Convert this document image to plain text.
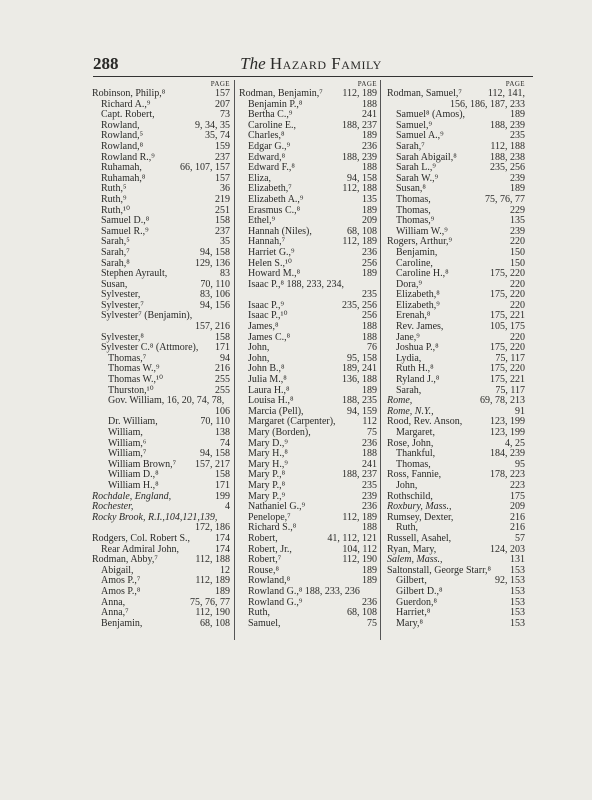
288	The Hazard Family
PAGE
Robinson, Philip,⁸	157
Richard A.,⁹	207
Capt. Robert,	73
Rowland,	9, 34, 35
Rowland,⁵	35, 74
Rowland,⁸	159
Rowland R.,⁹	237
Ruhamah,	66, 107, 157
Ruhamah,⁸	157
Ruth,⁵	36
Ruth,⁹	219
Ruth,¹⁰	251
Samuel D.,⁸	158
Samuel R.,⁹	237
Sarah,⁵	35
Sarah,⁷	94, 158
Sarah,⁸	129, 136
Stephen Ayrault,	83
Susan,	70, 110
Sylvester,	83, 106
Sylvester,⁷	94, 156
Sylvester⁷ (Benjamin),
157, 216
Sylvester,⁸	158
Sylvester C.⁸ (Attmore), 171
Thomas,⁷	94
Thomas W.,⁹	216
Thomas W.,¹⁰	255
Thurston,¹⁰	255
Gov. William, 16, 20, 74, 78,
106
Dr. William,	70, 110
William,	138
William,⁶	74
William,⁷	94, 158
William Brown,⁷ 157, 217
William D.,⁸	158
William H.,⁸	171
Rochdale, England,	199
Rochester,	4
Rocky Brook, R.I.,104,121,139,
172, 186
Rodgers, Col. Robert S., 174
Rear Admiral John,	174
Rodman, Abby,⁷	112, 188
Abigail,	12
Amos P.,⁷	112, 189
Amos P.,⁸	189
Anna,	75, 76, 77
Anna,⁷	112, 190
Benjamin,	68, 108
PAGE
Rodman, Benjamin,⁷ 112, 189
Benjamin P.,⁸	188
Bertha C.,⁹	241
Caroline E.,	188, 237
Charles,⁸	189
Edgar G.,⁹	236
Edward,⁸	188, 239
Edward F.,⁸	188
Eliza,	94, 158
Elizabeth,⁷	112, 188
Elizabeth A.,⁹	135
Erasmus C.,⁸	189
Ethel,⁹	209
Hannah (Niles),	68, 108
Hannah,⁷	112, 189
Harriet G.,⁹	236
Helen S.,¹⁰	256
Howard M.,⁸	189
Isaac P.,⁸ 188, 233, 234,
235
Isaac P.,⁹	235, 256
Isaac P.,¹⁰	256
James,⁸	188
James C.,⁸	188
John,	76
John,	95, 158
John B.,⁸	189, 241
Julia M.,⁸	136, 188
Laura H.,⁸	189
Louisa H.,⁸	188, 235
Marcia (Pell),	94, 159
Margaret (Carpenter),	112
Mary (Borden),	75
Mary D.,⁹	236
Mary H.,⁸	188
Mary H.,⁹	241
Mary P.,⁸	188, 237
Mary P.,⁸	235
Mary P.,⁹	239
Nathaniel G.,⁹	236
Penelope,⁷	112, 189
Richard S.,⁸	188
Robert,	41, 112, 121
Robert, Jr.,	104, 112
Robert,⁷	112, 190
Rouse,⁸	189
Rowland,⁸	189
Rowland G.,⁸ 188, 233, 236
Rowland G.,⁹	236
Ruth,	68, 108
Samuel,	75
PAGE
Rodman, Samuel,⁷	112, 141,
156, 186, 187, 233
Samuel⁸ (Amos),	189
Samuel,⁹	188, 239
Samuel A.,⁹	235
Sarah,⁷	112, 188
Sarah Abigail,⁸	188, 238
Sarah L.,⁹	235, 256
Sarah W.,⁹	239
Susan,⁸	189
Thomas,	75, 76, 77
Thomas,	229
Thomas,⁹	135
William W.,⁹	239
Rogers, Arthur,⁹	220
Benjamin,	150
Caroline,	150
Caroline H.,⁸	175, 220
Dora,⁹	220
Elizabeth,⁸	175, 220
Elizabeth,⁹	220
Erenah,⁸	175, 221
Rev. James,	105, 175
Jane,⁹	220
Joshua P.,⁸	175, 220
Lydia,	75, 117
Ruth H.,⁸	175, 220
Ryland J.,⁸	175, 221
Sarah,	75, 117
Rome,	69, 78, 213
Rome, N.Y.,	91
Rood, Rev. Anson,	123, 199
Margaret,	123, 199
Rose, John,	4, 25
Thankful,	184, 239
Thomas,	95
Ross, Fannie,	178, 223
John,	223
Rothschild,	175
Roxbury, Mass.,	209
Rumsey, Dexter,	216
Ruth,	216
Russell, Asahel,	57
Ryan, Mary,	124, 203
Salem, Mass.,	131
Saltonstall, George Starr,⁸ 153
Gilbert,	92, 153
Gilbert D.,⁸	153
Guerdon,⁸	153
Harriet,⁸	153
Mary,⁸	153
